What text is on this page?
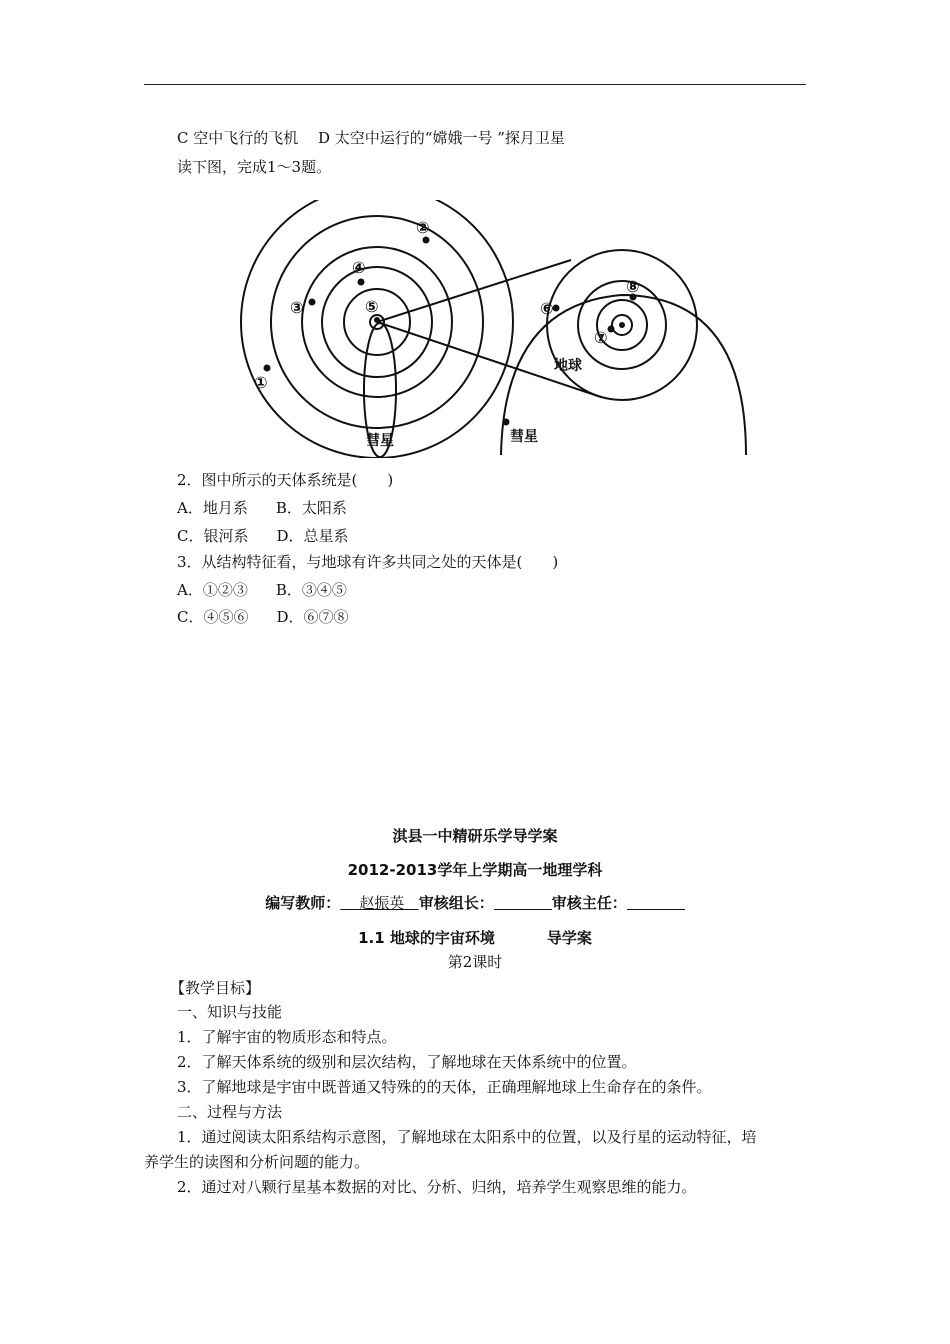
C 空中飞行的飞机　 D 太空中运行的“嫦娥一号 ”探月卫星
读下图，完成1～3题。
①
②
③
④
⑤	⑥
⑦
⑧
地球
彗星	彗星
2．图中所示的天体系统是(　　)
A．地月系 B．太阳系
C．银河系 D．总星系
3．从结构特征看，与地球有许多共同之处的天体是(　　)
A．①②③ B．③④⑤
C．④⑤⑥ D．⑥⑦⑧
淇县一中精研乐学导学案
2012-2013学年上学期高一地理学科
编写教师： 赵振英 审核组长：	审核主任：
1.1 地球的宇宙环境	导学案
第2课时
【教学目标】
一、知识与技能
1．了解宇宙的物质形态和特点。
2．了解天体系统的级别和层次结构，了解地球在天体系统中的位置。
3．了解地球是宇宙中既普通又特殊的的天体，正确理解地球上生命存在的条件。
二、过程与方法
1．通过阅读太阳系结构示意图，了解地球在太阳系中的位置，以及行星的运动特征，培
养学生的读图和分析问题的能力。
2．通过对八颗行星基本数据的对比、分析、归纳，培养学生观察思维的能力。
